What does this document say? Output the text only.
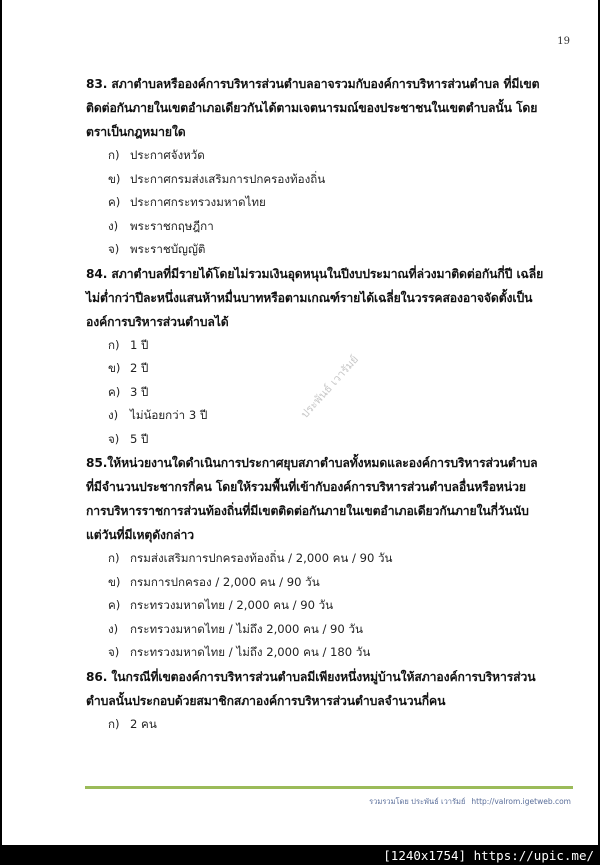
19
ประพันธ์ เวารัมย์
83. สภาตำบลหรือองค์การบริหารส่วนตำบลอาจรวมกับองค์การบริหารส่วนตำบล ที่มีเขต
ติดต่อกันภายในเขตอำเภอเดียวกันได้ตามเจตนารมณ์ของประชาชนในเขตตำบลนั้น โดย
ตราเป็นกฎหมายใด
ก) ประกาศจังหวัด
ข) ประกาศกรมส่งเสริมการปกครองท้องถิ่น
ค) ประกาศกระทรวงมหาดไทย
ง)	พระราชกฤษฎีกา
จ) พระราชบัญญัติ
84. สภาตำบลที่มีรายได้โดยไม่รวมเงินอุดหนุนในปีงบประมาณที่ล่วงมาติดต่อกันกี่ปี เฉลี่ย
ไม่ต่ำกว่าปีละหนึ่งแสนห้าหมื่นบาทหรือตามเกณฑ์รายได้เฉลี่ยในวรรคสองอาจจัดตั้งเป็น
องค์การบริหารส่วนตำบลได้
ก) 1 ปี
ข) 2 ปี
ค) 3 ปี
ง)	ไม่น้อยกว่า 3 ปี
จ) 5 ปี
85.ให้หน่วยงานใดดำเนินการประกาศยุบสภาตำบลทั้งหมดและองค์การบริหารส่วนตำบล
ที่มีจำนวนประชากรกี่คน โดยให้รวมพื้นที่เข้ากับองค์การบริหารส่วนตำบลอื่นหรือหน่วย
การบริหารราชการส่วนท้องถิ่นที่มีเขตติดต่อกันภายในเขตอำเภอเดียวกันภายในกี่วันนับ
แต่วันที่มีเหตุดังกล่าว
ก) กรมส่งเสริมการปกครองท้องถิ่น / 2,000 คน / 90 วัน
ข) กรมการปกครอง / 2,000 คน / 90 วัน
ค) กระทรวงมหาดไทย / 2,000 คน / 90 วัน
ง)	กระทรวงมหาดไทย / ไม่ถึง 2,000 คน / 90 วัน
จ) กระทรวงมหาดไทย / ไม่ถึง 2,000 คน / 180 วัน
86. ในกรณีที่เขตองค์การบริหารส่วนตำบลมีเพียงหนึ่งหมู่บ้านให้สภาองค์การบริหารส่วน
ตำบลนั้นประกอบด้วยสมาชิกสภาองค์การบริหารส่วนตำบลจำนวนกี่คน
ก) 2 คน
รวมรวมโดย ประพันธ์ เวารัมย์ http://valrom.igetweb.com
[1240x1754] https://upic.me/
